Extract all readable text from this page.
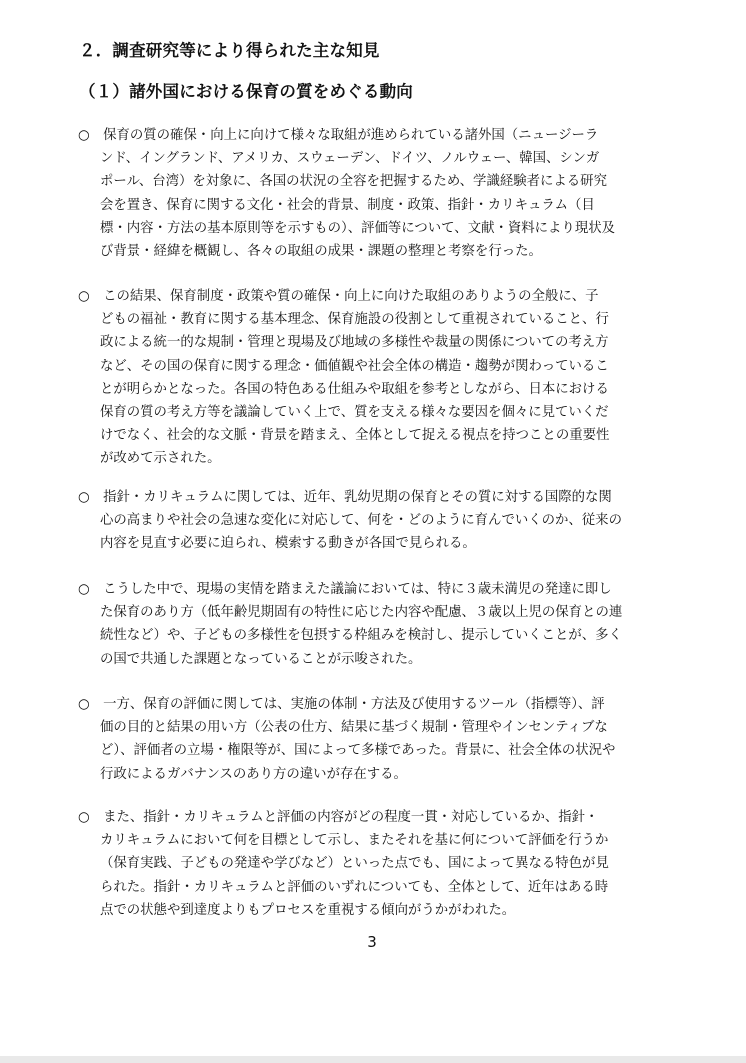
２．調査研究等により得られた主な知見
（１）諸外国における保育の質をめぐる動向
○　保育の質の確保・向上に向けて様々な取組が進められている諸外国（ニュージーラ
ンド、イングランド、アメリカ、スウェーデン、ドイツ、ノルウェー、韓国、シンガ
ポール、台湾）を対象に、各国の状況の全容を把握するため、学識経験者による研究
会を置き、保育に関する文化・社会的背景、制度・政策、指針・カリキュラム（目
標・内容・方法の基本原則等を示すもの）、評価等について、文献・資料により現状及
び背景・経緯を概観し、各々の取組の成果・課題の整理と考察を行った。
○　この結果、保育制度・政策や質の確保・向上に向けた取組のありようの全般に、子
どもの福祉・教育に関する基本理念、保育施設の役割として重視されていること、行
政による統一的な規制・管理と現場及び地域の多様性や裁量の関係についての考え方
など、その国の保育に関する理念・価値観や社会全体の構造・趨勢が関わっているこ
とが明らかとなった。各国の特色ある仕組みや取組を参考としながら、日本における
保育の質の考え方等を議論していく上で、質を支える様々な要因を個々に見ていくだ
けでなく、社会的な文脈・背景を踏まえ、全体として捉える視点を持つことの重要性
が改めて示された。
○　指針・カリキュラムに関しては、近年、乳幼児期の保育とその質に対する国際的な関
心の高まりや社会の急速な変化に対応して、何を・どのように育んでいくのか、従来の
内容を見直す必要に迫られ、模索する動きが各国で見られる。
○　こうした中で、現場の実情を踏まえた議論においては、特に３歳未満児の発達に即し
た保育のあり方（低年齢児期固有の特性に応じた内容や配慮、３歳以上児の保育との連
続性など）や、子どもの多様性を包摂する枠組みを検討し、提示していくことが、多く
の国で共通した課題となっていることが示唆された。
○　一方、保育の評価に関しては、実施の体制・方法及び使用するツール（指標等）、評
価の目的と結果の用い方（公表の仕方、結果に基づく規制・管理やインセンティブな
ど）、評価者の立場・権限等が、国によって多様であった。背景に、社会全体の状況や
行政によるガバナンスのあり方の違いが存在する。
○　また、指針・カリキュラムと評価の内容がどの程度一貫・対応しているか、指針・
カリキュラムにおいて何を目標として示し、またそれを基に何について評価を行うか
（保育実践、子どもの発達や学びなど）といった点でも、国によって異なる特色が見
られた。指針・カリキュラムと評価のいずれについても、全体として、近年はある時
点での状態や到達度よりもプロセスを重視する傾向がうかがわれた。
3
